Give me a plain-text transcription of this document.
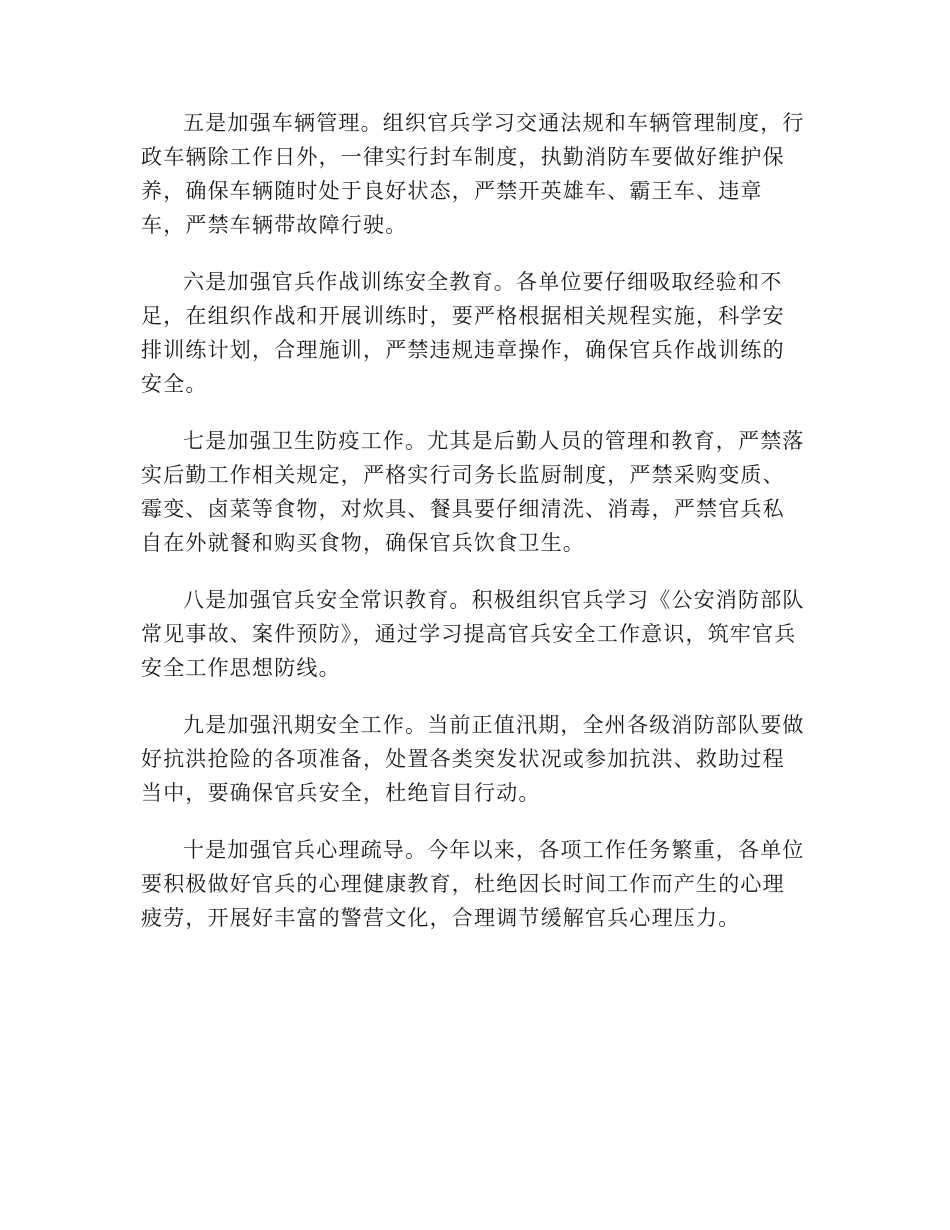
五是加强车辆管理。组织官兵学习交通法规和车辆管理制度，行政车辆除工作日外，一律实行封车制度，执勤消防车要做好维护保养，确保车辆随时处于良好状态，严禁开英雄车、霸王车、违章车，严禁车辆带故障行驶。

六是加强官兵作战训练安全教育。各单位要仔细吸取经验和不足，在组织作战和开展训练时，要严格根据相关规程实施，科学安排训练计划，合理施训，严禁违规违章操作，确保官兵作战训练的安全。

七是加强卫生防疫工作。尤其是后勤人员的管理和教育，严禁落实后勤工作相关规定，严格实行司务长监厨制度，严禁采购变质、霉变、卤菜等食物，对炊具、餐具要仔细清洗、消毒，严禁官兵私自在外就餐和购买食物，确保官兵饮食卫生。

八是加强官兵安全常识教育。积极组织官兵学习《公安消防部队常见事故、案件预防》，通过学习提高官兵安全工作意识，筑牢官兵安全工作思想防线。

九是加强汛期安全工作。当前正值汛期，全州各级消防部队要做好抗洪抢险的各项准备，处置各类突发状况或参加抗洪、救助过程当中，要确保官兵安全，杜绝盲目行动。

十是加强官兵心理疏导。今年以来，各项工作任务繁重，各单位要积极做好官兵的心理健康教育，杜绝因长时间工作而产生的心理疲劳，开展好丰富的警营文化，合理调节缓解官兵心理压力。
